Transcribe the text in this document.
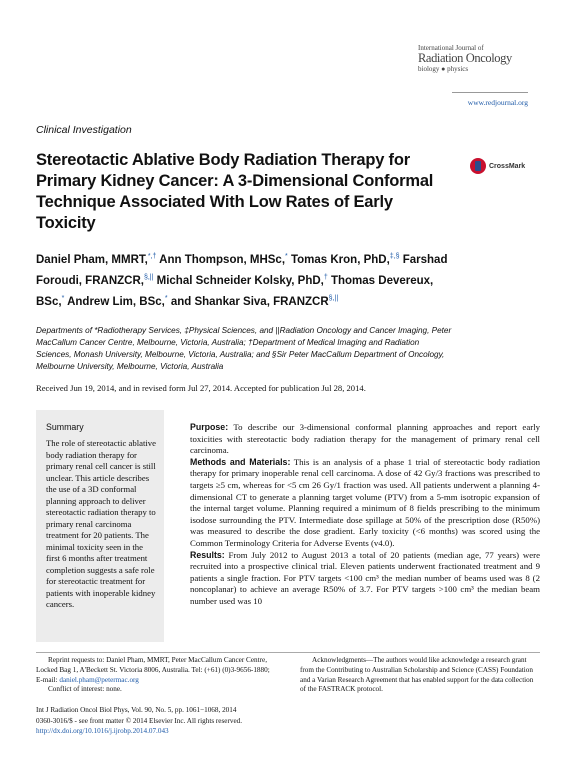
International Journal of
Radiation Oncology
biology ● physics
www.redjournal.org
Clinical Investigation
Stereotactic Ablative Body Radiation Therapy for Primary Kidney Cancer: A 3-Dimensional Conformal Technique Associated With Low Rates of Early Toxicity
CrossMark
Daniel Pham, MMRT,*,† Ann Thompson, MHSc,* Tomas Kron, PhD,‡,§ Farshad Foroudi, FRANZCR,§,|| Michal Schneider Kolsky, PhD,† Thomas Devereux, BSc,* Andrew Lim, BSc,* and Shankar Siva, FRANZCR§,||
Departments of *Radiotherapy Services, ‡Physical Sciences, and ||Radiation Oncology and Cancer Imaging, Peter MacCallum Cancer Centre, Melbourne, Victoria, Australia; †Department of Medical Imaging and Radiation Sciences, Monash University, Melbourne, Victoria, Australia; and §Sir Peter MacCallum Department of Oncology, Melbourne University, Melbourne, Victoria, Australia
Received Jun 19, 2014, and in revised form Jul 27, 2014. Accepted for publication Jul 28, 2014.
Summary
The role of stereotactic ablative body radiation therapy for primary renal cell cancer is still unclear. This article describes the use of a 3D conformal planning approach to deliver stereotactic radiation therapy to primary renal carcinoma treatment for 20 patients. The minimal toxicity seen in the first 6 months after treatment completion suggests a safe role for stereotactic treatment for patients with inoperable kidney cancers.
Purpose: To describe our 3-dimensional conformal planning approaches and report early toxicities with stereotactic body radiation therapy for the management of primary renal cell carcinoma.
Methods and Materials: This is an analysis of a phase 1 trial of stereotactic body radiation therapy for primary inoperable renal cell carcinoma. A dose of 42 Gy/3 fractions was prescribed to targets ≥5 cm, whereas for <5 cm 26 Gy/1 fraction was used. All patients underwent a planning 4-dimensional CT to generate a planning target volume (PTV) from a 5-mm isotropic expansion of the internal target volume. Planning required a minimum of 8 fields prescribing to the minimum isodose surrounding the PTV. Intermediate dose spillage at 50% of the prescription dose (R50%) was measured to describe the dose gradient. Early toxicity (<6 months) was scored using the Common Terminology Criteria for Adverse Events (v4.0).
Results: From July 2012 to August 2013 a total of 20 patients (median age, 77 years) were recruited into a prospective clinical trial. Eleven patients underwent fractionated treatment and 9 patients a single fraction. For PTV targets <100 cm³ the median number of beams used was 8 (2 noncoplanar) to achieve an average R50% of 3.7. For PTV targets >100 cm³ the median beam number used was 10
Reprint requests to: Daniel Pham, MMRT, Peter MacCallum Cancer Centre, Locked Bag 1, A'Beckett St. Victoria 8006, Australia. Tel: (+61) (0)3-9656-1880; E-mail: daniel.pham@petermac.org
Conflict of interest: none.
Acknowledgments—The authors would like acknowledge a research grant from the Contributing to Australian Scholarship and Science (CASS) Foundation and a Varian Research Agreement that has enabled support for the data collection of the FASTRACK protocol.
Int J Radiation Oncol Biol Phys, Vol. 90, No. 5, pp. 1061−1068, 2014
0360-3016/$ - see front matter © 2014 Elsevier Inc. All rights reserved.
http://dx.doi.org/10.1016/j.ijrobp.2014.07.043
